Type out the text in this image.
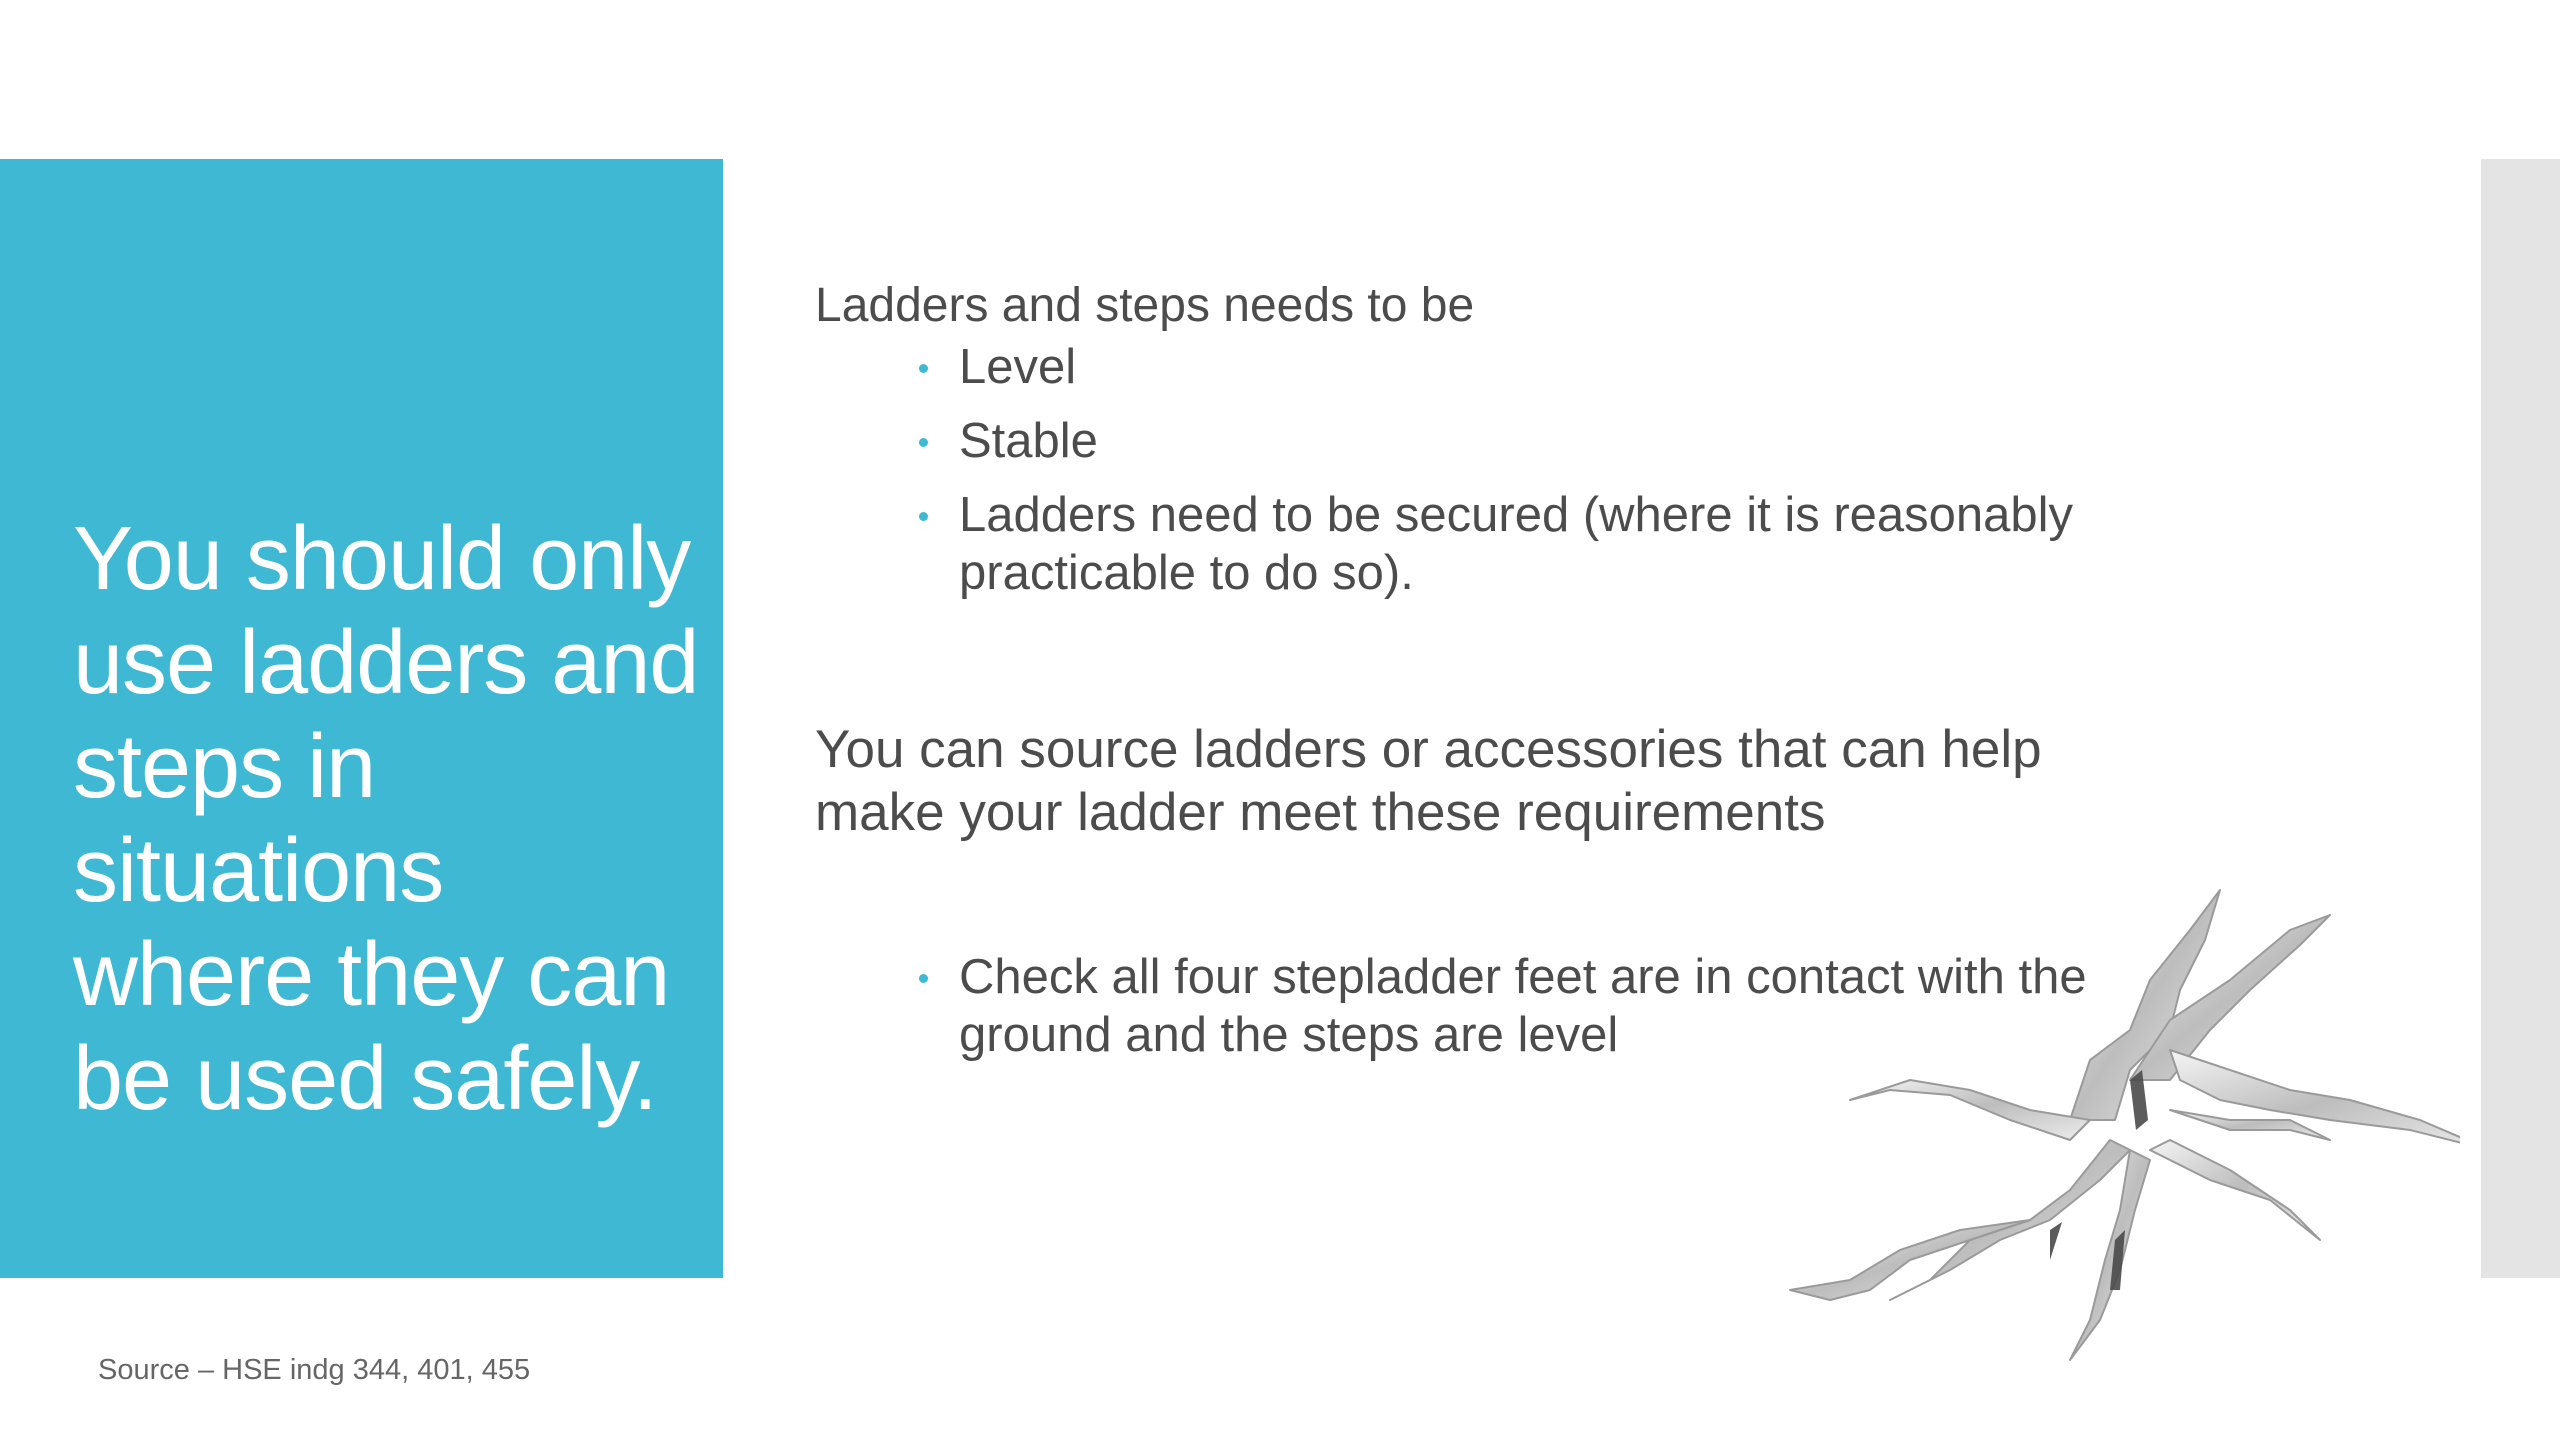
You should only use ladders and steps in situations where they can be used safely.

Ladders and steps needs to be

Level
Stable
Ladders need to be secured (where it is reasonably practicable to do so).

You can source ladders or accessories that can help make your ladder meet these requirements

Check all four stepladder feet are in contact with the ground and the steps are level

Source – HSE indg 344, 401, 455
